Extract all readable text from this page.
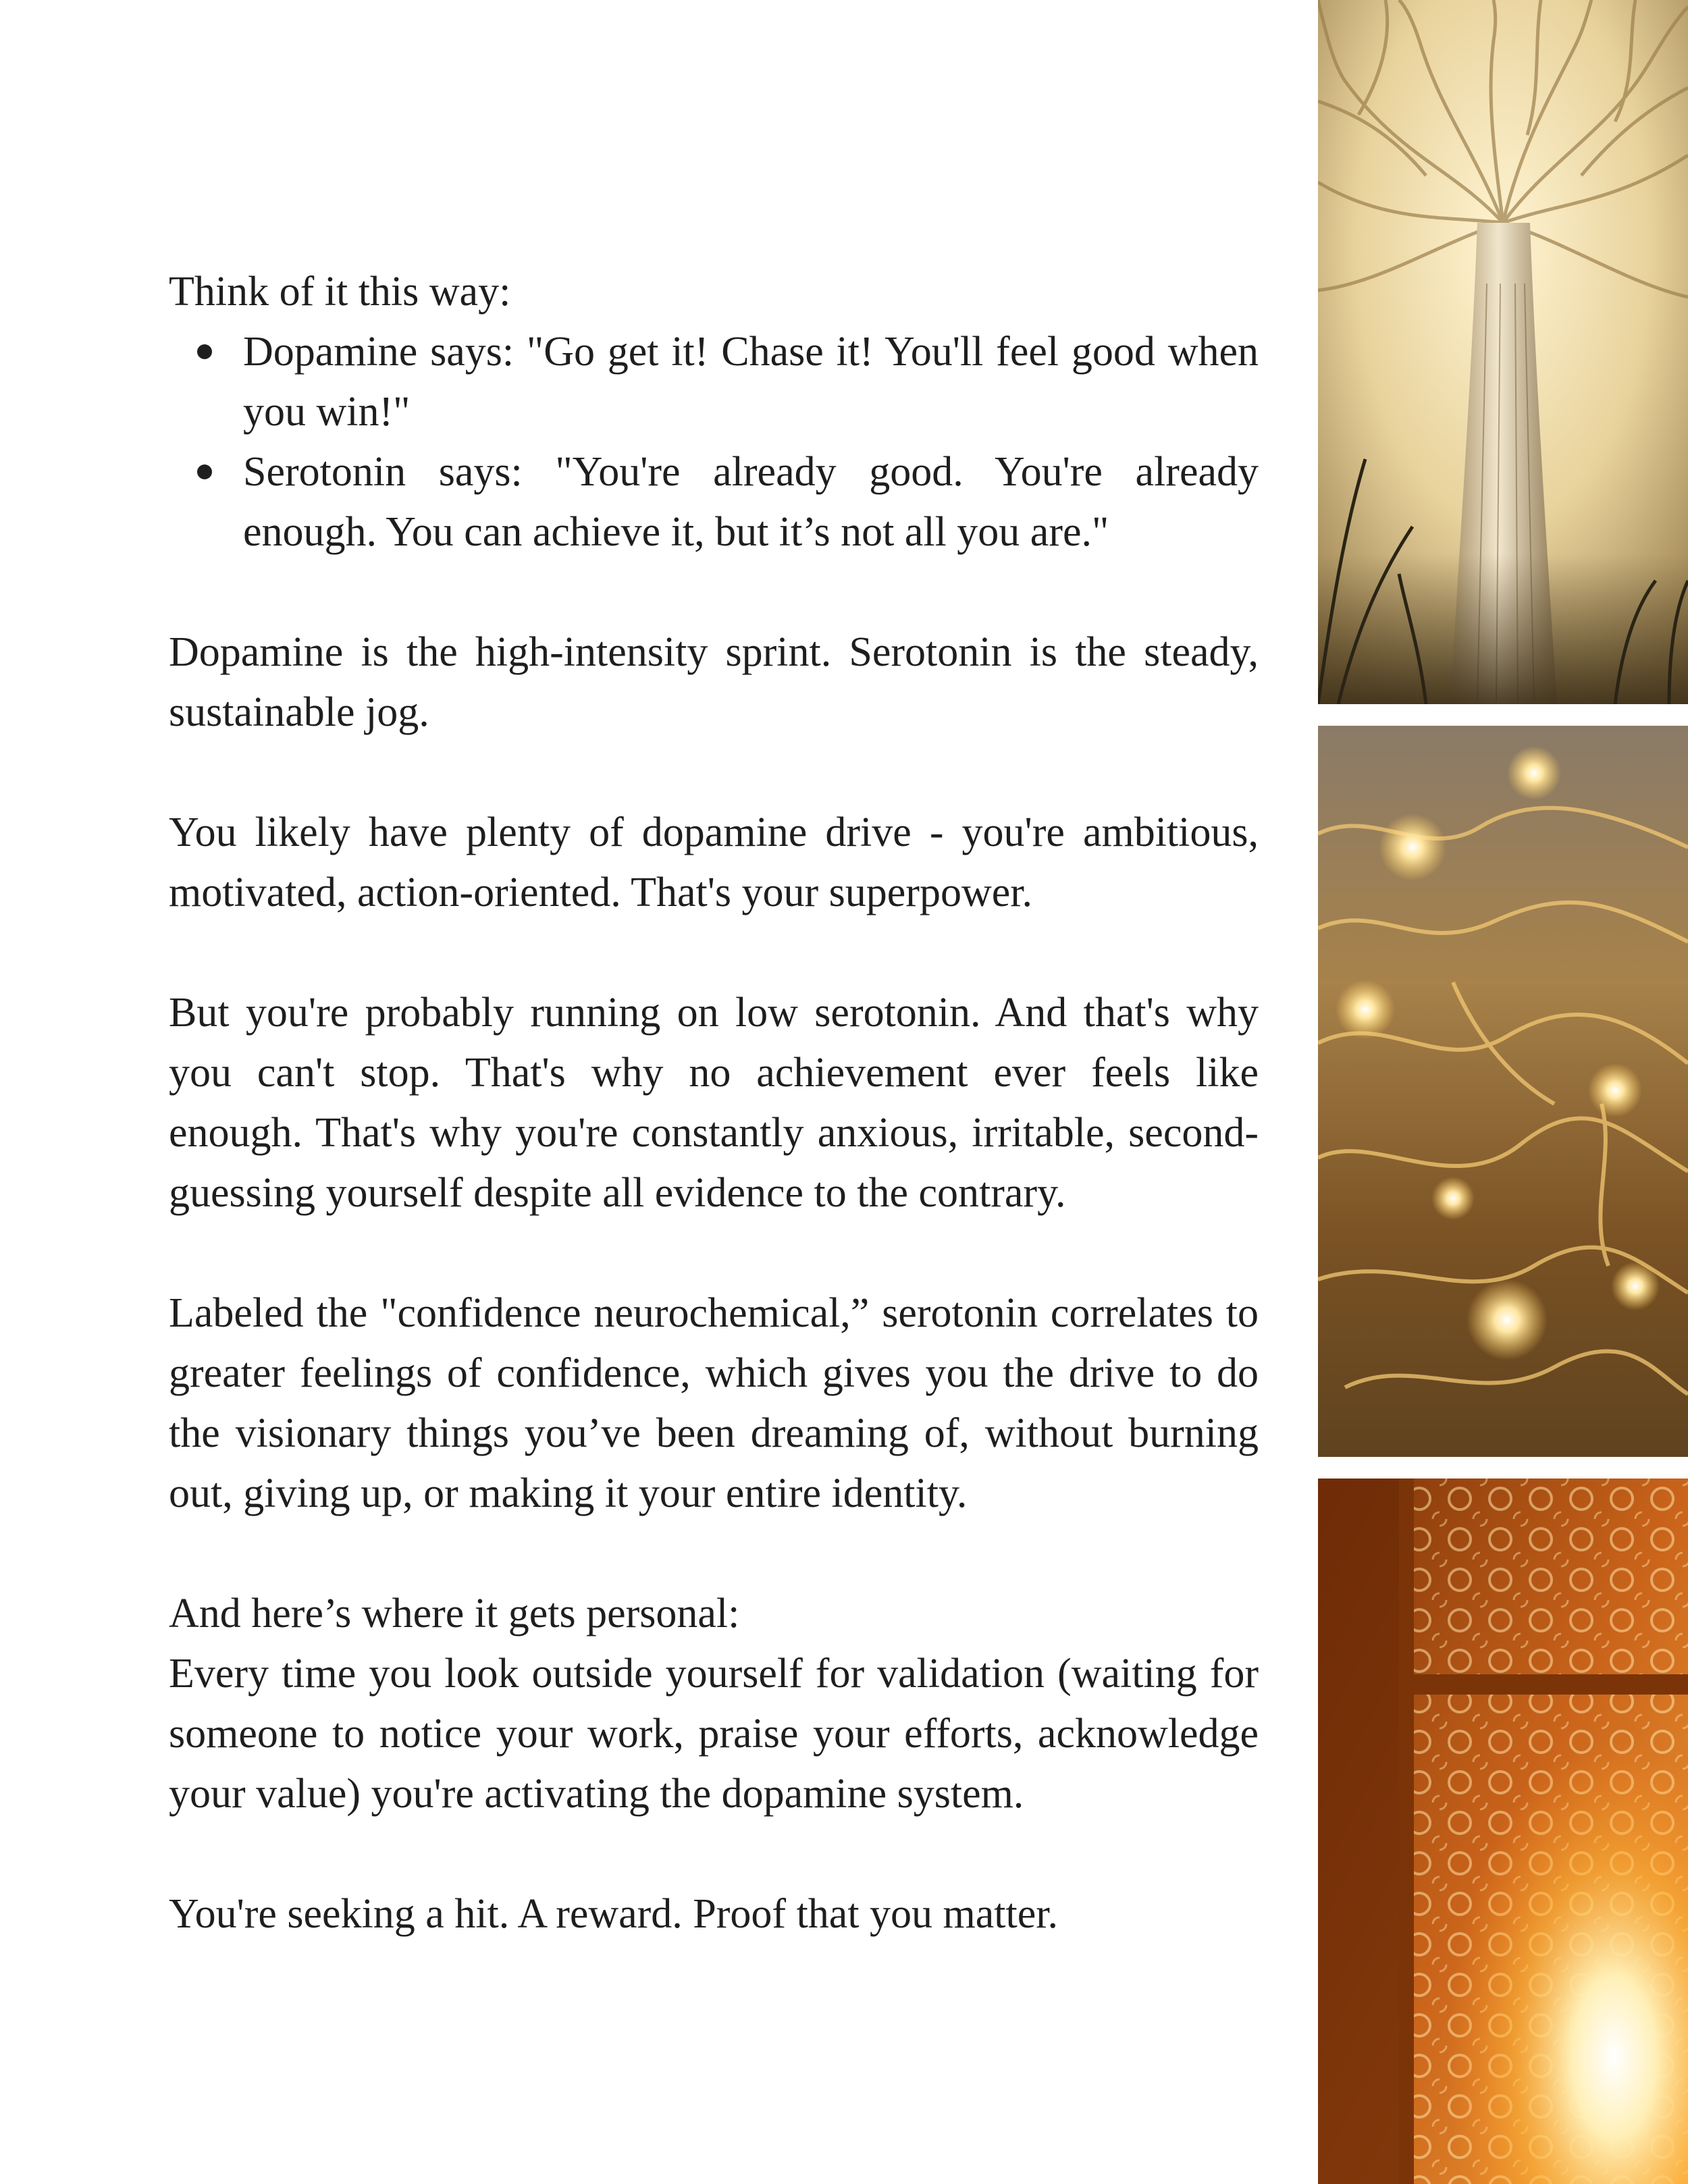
Think of it this way:

Dopamine says: "Go get it! Chase it! You'll feel good when you win!"
Serotonin says: "You're already good. You're already enough. You can achieve it, but it’s not all you are."

Dopamine is the high-intensity sprint. Serotonin is the steady, sustainable jog.

You likely have plenty of dopamine drive - you're ambitious, motivated, action-oriented. That's your superpower.

But you're probably running on low serotonin. And that's why you can't stop. That's why no achievement ever feels like enough. That's why you're constantly anxious, irritable, second-guessing yourself despite all evidence to the contrary.

Labeled the "confidence neurochemical,” serotonin correlates to greater feelings of confidence, which gives you the drive to do the visionary things you’ve been dreaming of, without burning out, giving up, or making it your entire identity.

And here’s where it gets personal:

Every time you look outside yourself for validation (waiting for someone to notice your work, praise your efforts, acknowledge your value) you're activating the dopamine system.

You're seeking a hit. A reward. Proof that you matter.
